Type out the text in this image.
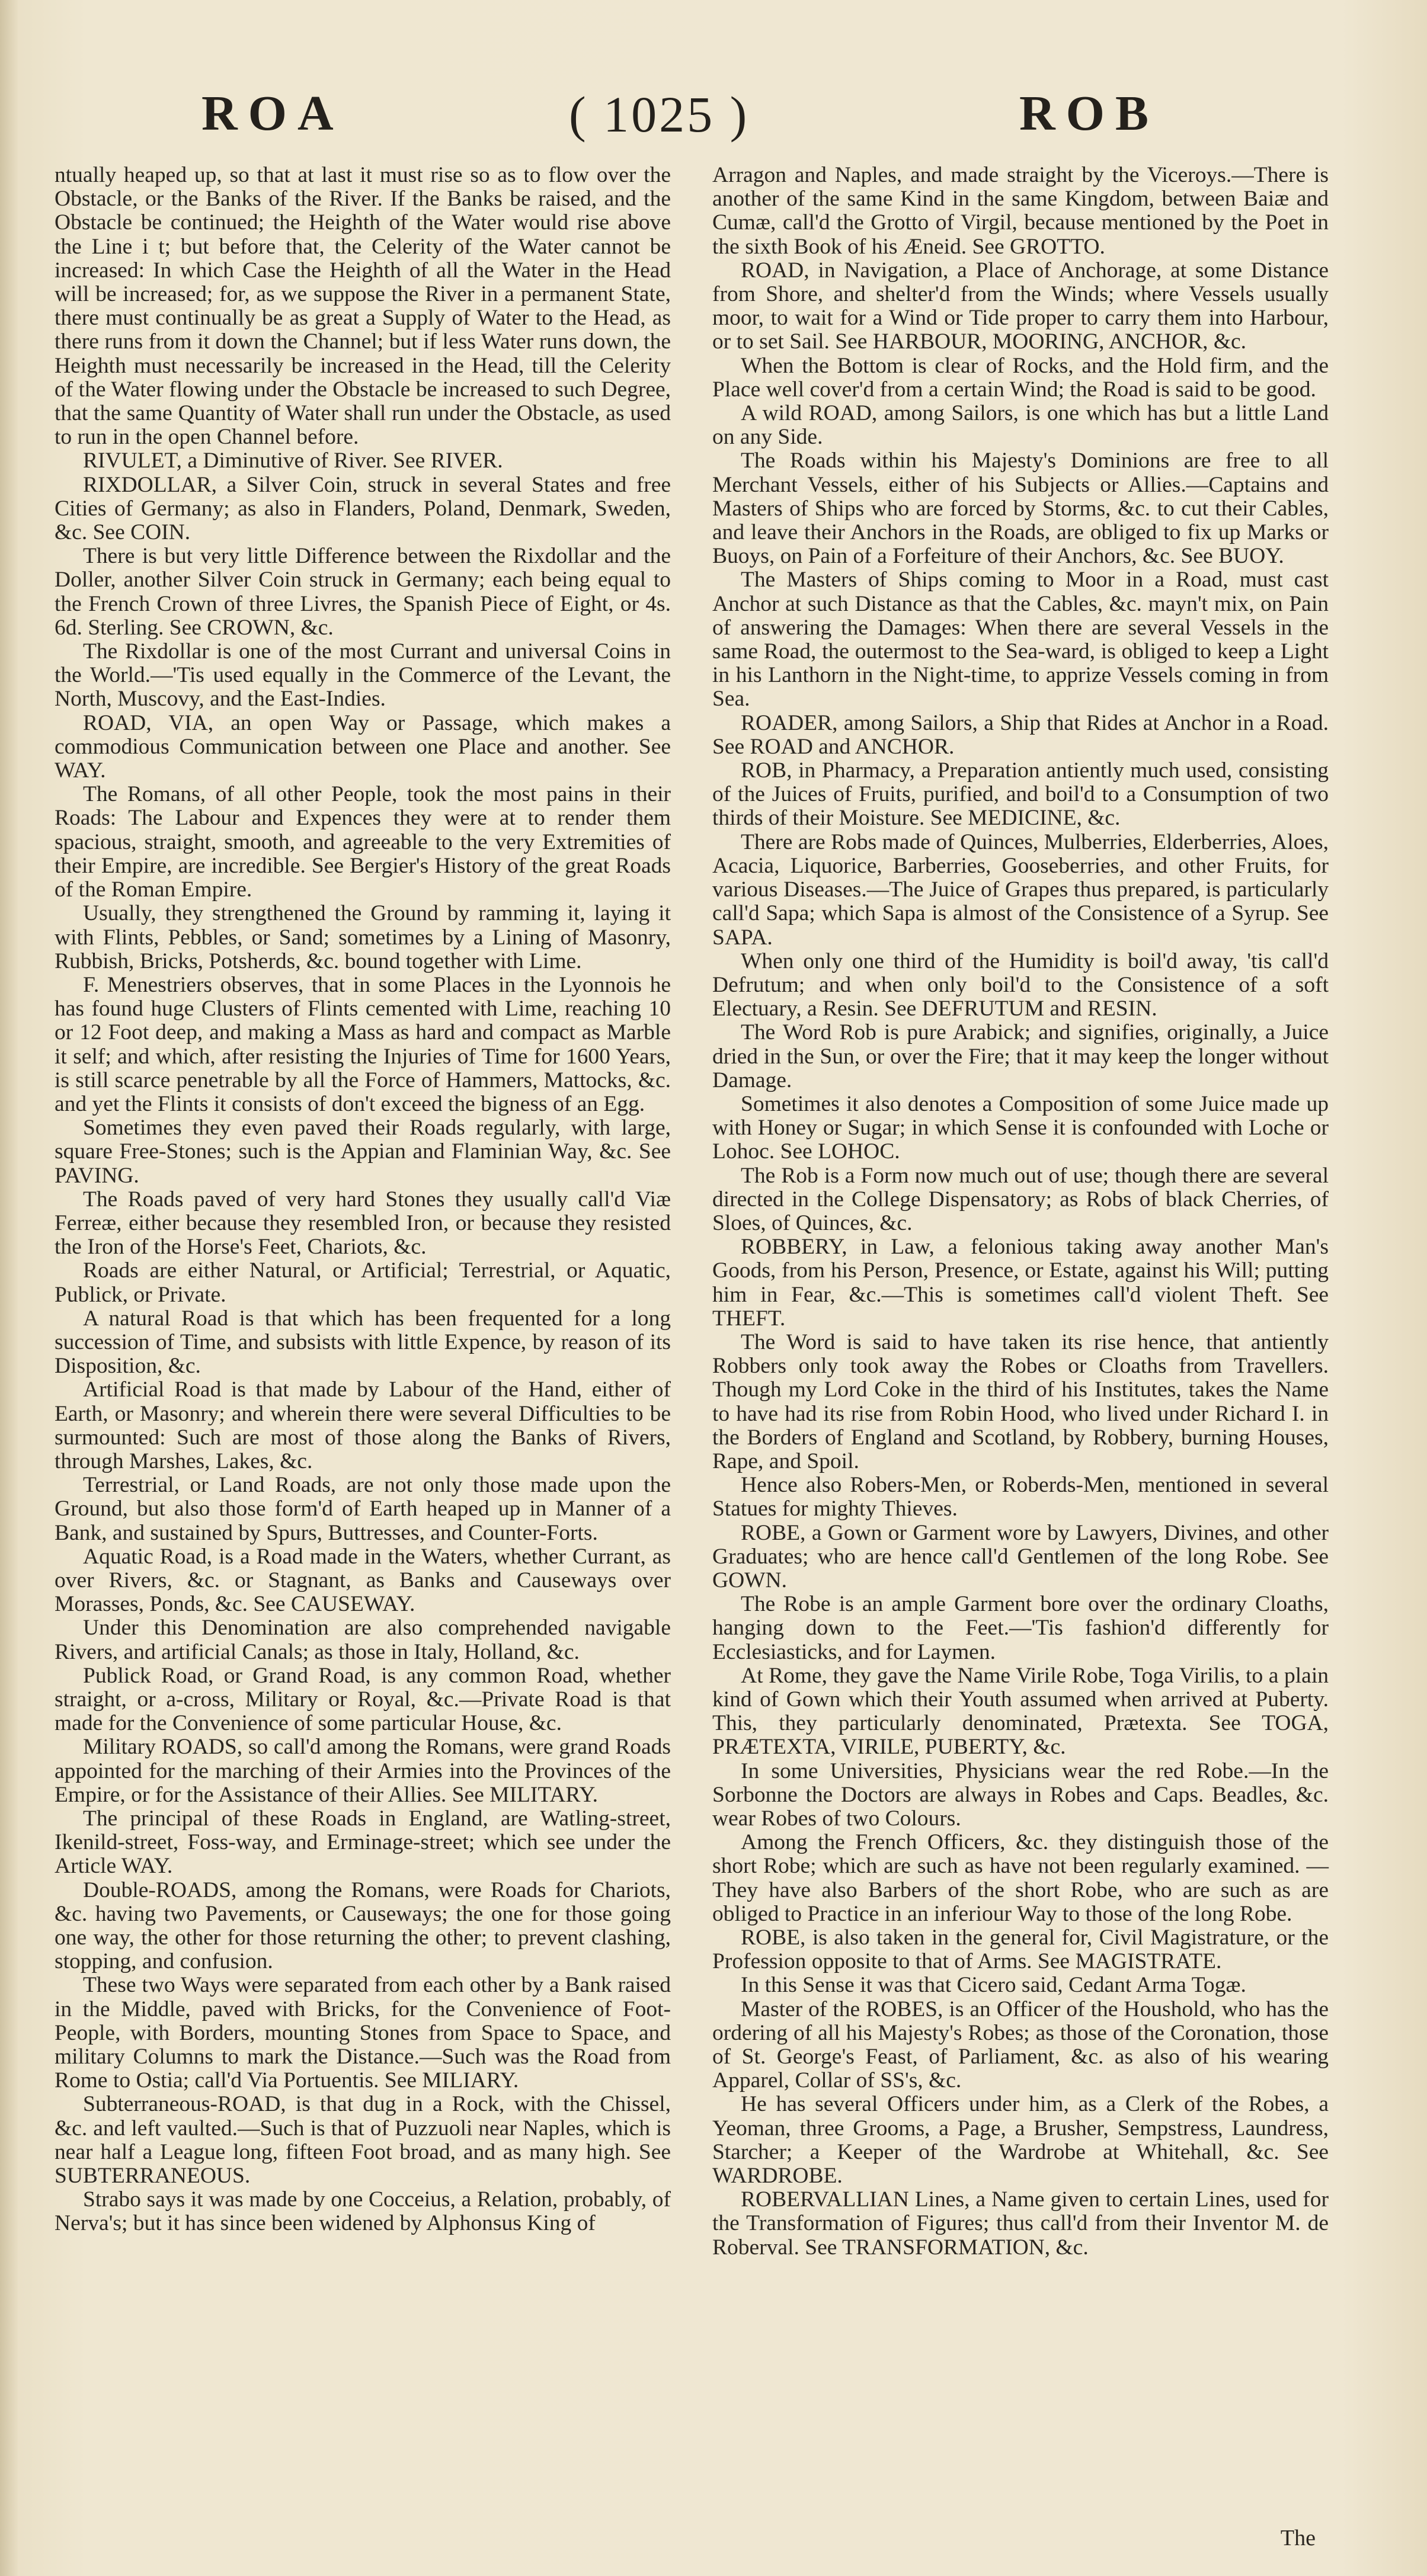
ROA	( 1025 )	ROB

ntually heaped up, so that at last it must rise so as to flow over the Obstacle, or the Banks of the River. If the Banks be raised, and the Obstacle be continued; the Heighth of the Water would rise above the Line i t; but before that, the Celerity of the Water cannot be increased: In which Case the Heighth of all the Water in the Head will be increased; for, as we suppose the River in a permanent State, there must continually be as great a Supply of Water to the Head, as there runs from it down the Channel; but if less Water runs down, the Heighth must necessarily be increased in the Head, till the Celerity of the Water flowing under the Obstacle be increased to such Degree, that the same Quantity of Water shall run under the Obstacle, as used to run in the open Channel before.

RIVULET, a Diminutive of River. See RIVER.

RIXDOLLAR, a Silver Coin, struck in several States and free Cities of Germany; as also in Flanders, Poland, Denmark, Sweden, &c. See COIN.

There is but very little Difference between the Rixdollar and the Doller, another Silver Coin struck in Germany; each being equal to the French Crown of three Livres, the Spanish Piece of Eight, or 4s. 6d. Sterling. See CROWN, &c.

The Rixdollar is one of the most Currant and universal Coins in the World.—'Tis used equally in the Commerce of the Levant, the North, Muscovy, and the East-Indies.

ROAD, VIA, an open Way or Passage, which makes a commodious Communication between one Place and another. See WAY.

The Romans, of all other People, took the most pains in their Roads: The Labour and Expences they were at to render them spacious, straight, smooth, and agreeable to the very Extremities of their Empire, are incredible. See Bergier's History of the great Roads of the Roman Empire.

Usually, they strengthened the Ground by ramming it, laying it with Flints, Pebbles, or Sand; sometimes by a Lining of Masonry, Rubbish, Bricks, Potsherds, &c. bound together with Lime.

F. Menestriers observes, that in some Places in the Lyonnois he has found huge Clusters of Flints cemented with Lime, reaching 10 or 12 Foot deep, and making a Mass as hard and compact as Marble it self; and which, after resisting the Injuries of Time for 1600 Years, is still scarce penetrable by all the Force of Hammers, Mattocks, &c. and yet the Flints it consists of don't exceed the bigness of an Egg.

Sometimes they even paved their Roads regularly, with large, square Free-Stones; such is the Appian and Flaminian Way, &c. See PAVING.

The Roads paved of very hard Stones they usually call'd Viæ Ferreæ, either because they resembled Iron, or because they resisted the Iron of the Horse's Feet, Chariots, &c.

Roads are either Natural, or Artificial; Terrestrial, or Aquatic, Publick, or Private.

A natural Road is that which has been frequented for a long succession of Time, and subsists with little Expence, by reason of its Disposition, &c.

Artificial Road is that made by Labour of the Hand, either of Earth, or Masonry; and wherein there were several Difficulties to be surmounted: Such are most of those along the Banks of Rivers, through Marshes, Lakes, &c.

Terrestrial, or Land Roads, are not only those made upon the Ground, but also those form'd of Earth heaped up in Manner of a Bank, and sustained by Spurs, Buttresses, and Counter-Forts.

Aquatic Road, is a Road made in the Waters, whether Currant, as over Rivers, &c. or Stagnant, as Banks and Causeways over Morasses, Ponds, &c. See CAUSEWAY.

Under this Denomination are also comprehended navigable Rivers, and artificial Canals; as those in Italy, Holland, &c.

Publick Road, or Grand Road, is any common Road, whether straight, or a-cross, Military or Royal, &c.—Private Road is that made for the Convenience of some particular House, &c.

Military ROADS, so call'd among the Romans, were grand Roads appointed for the marching of their Armies into the Provinces of the Empire, or for the Assistance of their Allies. See MILITARY.

The principal of these Roads in England, are Watling-street, Ikenild-street, Foss-way, and Erminage-street; which see under the Article WAY.

Double-ROADS, among the Romans, were Roads for Chariots, &c. having two Pavements, or Causeways; the one for those going one way, the other for those returning the other; to prevent clashing, stopping, and confusion.

These two Ways were separated from each other by a Bank raised in the Middle, paved with Bricks, for the Convenience of Foot-People, with Borders, mounting Stones from Space to Space, and military Columns to mark the Distance.—Such was the Road from Rome to Ostia; call'd Via Portuentis. See MILIARY.

Subterraneous-ROAD, is that dug in a Rock, with the Chissel, &c. and left vaulted.—Such is that of Puzzuoli near Naples, which is near half a League long, fifteen Foot broad, and as many high. See SUBTERRANEOUS.

Strabo says it was made by one Cocceius, a Relation, probably, of Nerva's; but it has since been widened by Alphonsus King of

Arragon and Naples, and made straight by the Viceroys.—There is another of the same Kind in the same Kingdom, between Baiæ and Cumæ, call'd the Grotto of Virgil, because mentioned by the Poet in the sixth Book of his Æneid. See GROTTO.

ROAD, in Navigation, a Place of Anchorage, at some Distance from Shore, and shelter'd from the Winds; where Vessels usually moor, to wait for a Wind or Tide proper to carry them into Harbour, or to set Sail. See HARBOUR, MOORING, ANCHOR, &c.

When the Bottom is clear of Rocks, and the Hold firm, and the Place well cover'd from a certain Wind; the Road is said to be good.

A wild ROAD, among Sailors, is one which has but a little Land on any Side.

The Roads within his Majesty's Dominions are free to all Merchant Vessels, either of his Subjects or Allies.—Captains and Masters of Ships who are forced by Storms, &c. to cut their Cables, and leave their Anchors in the Roads, are obliged to fix up Marks or Buoys, on Pain of a Forfeiture of their Anchors, &c. See BUOY.

The Masters of Ships coming to Moor in a Road, must cast Anchor at such Distance as that the Cables, &c. mayn't mix, on Pain of answering the Damages: When there are several Vessels in the same Road, the outermost to the Sea-ward, is obliged to keep a Light in his Lanthorn in the Night-time, to apprize Vessels coming in from Sea.

ROADER, among Sailors, a Ship that Rides at Anchor in a Road. See ROAD and ANCHOR.

ROB, in Pharmacy, a Preparation antiently much used, consisting of the Juices of Fruits, purified, and boil'd to a Consumption of two thirds of their Moisture. See MEDICINE, &c.

There are Robs made of Quinces, Mulberries, Elderberries, Aloes, Acacia, Liquorice, Barberries, Gooseberries, and other Fruits, for various Diseases.—The Juice of Grapes thus prepared, is particularly call'd Sapa; which Sapa is almost of the Consistence of a Syrup. See SAPA.

When only one third of the Humidity is boil'd away, 'tis call'd Defrutum; and when only boil'd to the Consistence of a soft Electuary, a Resin. See DEFRUTUM and RESIN.

The Word Rob is pure Arabick; and signifies, originally, a Juice dried in the Sun, or over the Fire; that it may keep the longer without Damage.

Sometimes it also denotes a Composition of some Juice made up with Honey or Sugar; in which Sense it is confounded with Loche or Lohoc. See LOHOC.

The Rob is a Form now much out of use; though there are several directed in the College Dispensatory; as Robs of black Cherries, of Sloes, of Quinces, &c.

ROBBERY, in Law, a felonious taking away another Man's Goods, from his Person, Presence, or Estate, against his Will; putting him in Fear, &c.—This is sometimes call'd violent Theft. See THEFT.

The Word is said to have taken its rise hence, that antiently Robbers only took away the Robes or Cloaths from Travellers. Though my Lord Coke in the third of his Institutes, takes the Name to have had its rise from Robin Hood, who lived under Richard I. in the Borders of England and Scotland, by Robbery, burning Houses, Rape, and Spoil.

Hence also Robers-Men, or Roberds-Men, mentioned in several Statues for mighty Thieves.

ROBE, a Gown or Garment wore by Lawyers, Divines, and other Graduates; who are hence call'd Gentlemen of the long Robe. See GOWN.

The Robe is an ample Garment bore over the ordinary Cloaths, hanging down to the Feet.—'Tis fashion'd differently for Ecclesiasticks, and for Laymen.

At Rome, they gave the Name Virile Robe, Toga Virilis, to a plain kind of Gown which their Youth assumed when arrived at Puberty. This, they particularly denominated, Prætexta. See TOGA, PRÆTEXTA, VIRILE, PUBERTY, &c.

In some Universities, Physicians wear the red Robe.—In the Sorbonne the Doctors are always in Robes and Caps. Beadles, &c. wear Robes of two Colours.

Among the French Officers, &c. they distinguish those of the short Robe; which are such as have not been regularly examined. —They have also Barbers of the short Robe, who are such as are obliged to Practice in an inferiour Way to those of the long Robe.

ROBE, is also taken in the general for, Civil Magistrature, or the Profession opposite to that of Arms. See MAGISTRATE.

In this Sense it was that Cicero said, Cedant Arma Togæ.

Master of the ROBES, is an Officer of the Houshold, who has the ordering of all his Majesty's Robes; as those of the Coronation, those of St. George's Feast, of Parliament, &c. as also of his wearing Apparel, Collar of SS's, &c.

He has several Officers under him, as a Clerk of the Robes, a Yeoman, three Grooms, a Page, a Brusher, Sempstress, Laundress, Starcher; a Keeper of the Wardrobe at Whitehall, &c. See WARDROBE.

ROBERVALLIAN Lines, a Name given to certain Lines, used for the Transformation of Figures; thus call'd from their Inventor M. de Roberval. See TRANSFORMATION, &c.

The
